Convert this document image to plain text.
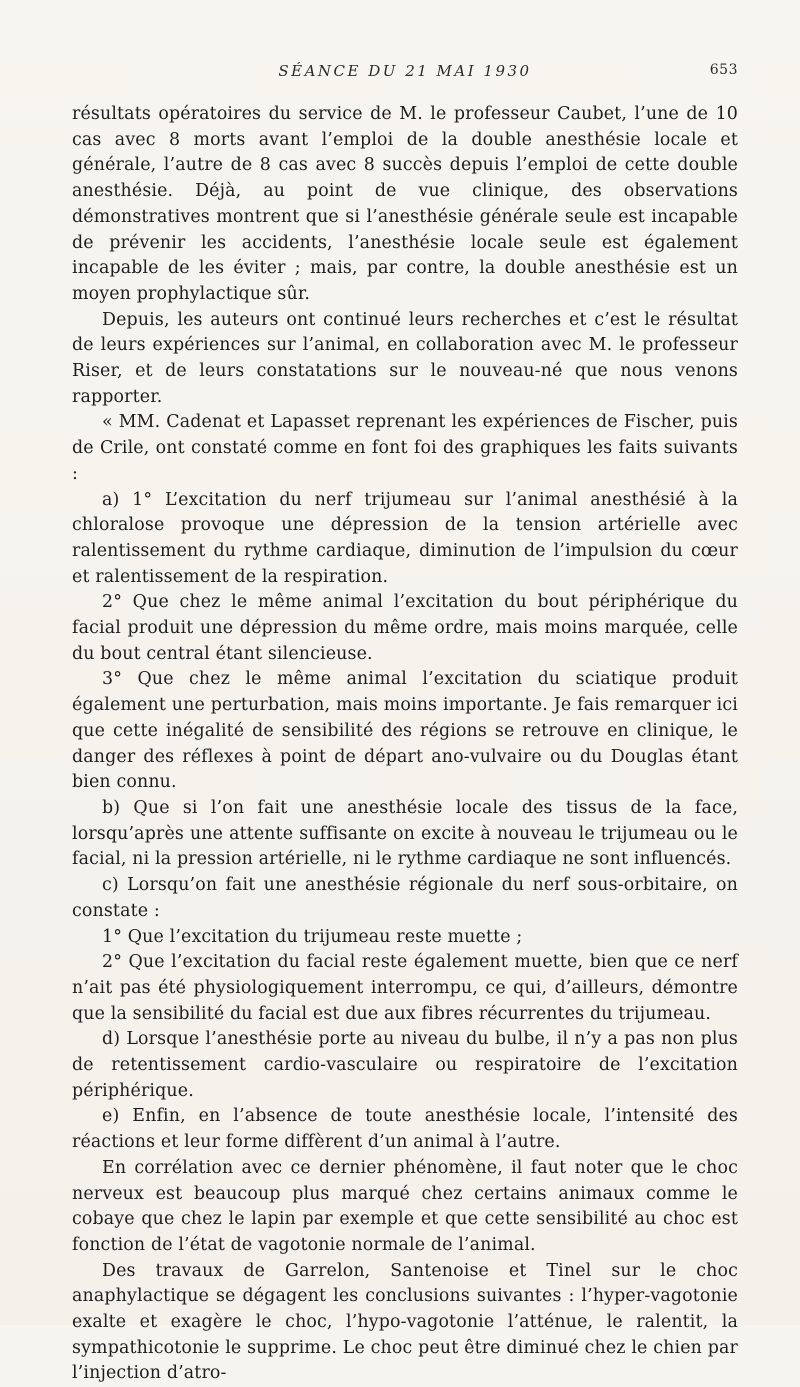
SÉANCE DU 21 MAI 1930	653

résultats opératoires du service de M. le professeur Caubet, l’une de 10 cas avec 8 morts avant l’emploi de la double anesthésie locale et générale, l’autre de 8 cas avec 8 succès depuis l’emploi de cette double anesthésie. Déjà, au point de vue clinique, des observations démonstratives montrent que si l’anesthésie générale seule est incapable de prévenir les accidents, l’anesthésie locale seule est également incapable de les éviter ; mais, par contre, la double anesthésie est un moyen prophylactique sûr.

Depuis, les auteurs ont continué leurs recherches et c’est le résultat de leurs expériences sur l’animal, en collaboration avec M. le professeur Riser, et de leurs constatations sur le nouveau-né que nous venons rapporter.

« MM. Cadenat et Lapasset reprenant les expériences de Fischer, puis de Crile, ont constaté comme en font foi des graphiques les faits suivants :

a) 1° L’excitation du nerf trijumeau sur l’animal anesthésié à la chloralose provoque une dépression de la tension artérielle avec ralentissement du rythme cardiaque, diminution de l’impulsion du cœur et ralentissement de la respiration.

2° Que chez le même animal l’excitation du bout périphérique du facial produit une dépression du même ordre, mais moins marquée, celle du bout central étant silencieuse.

3° Que chez le même animal l’excitation du sciatique produit également une perturbation, mais moins importante. Je fais remarquer ici que cette inégalité de sensibilité des régions se retrouve en clinique, le danger des réflexes à point de départ ano-vulvaire ou du Douglas étant bien connu.

b) Que si l’on fait une anesthésie locale des tissus de la face, lorsqu’après une attente suffisante on excite à nouveau le trijumeau ou le facial, ni la pression artérielle, ni le rythme cardiaque ne sont influencés.

c) Lorsqu’on fait une anesthésie régionale du nerf sous-orbitaire, on constate :

1° Que l’excitation du trijumeau reste muette ;

2° Que l’excitation du facial reste également muette, bien que ce nerf n’ait pas été physiologiquement interrompu, ce qui, d’ailleurs, démontre que la sensibilité du facial est due aux fibres récurrentes du trijumeau.

d) Lorsque l’anesthésie porte au niveau du bulbe, il n’y a pas non plus de retentissement cardio-vasculaire ou respiratoire de l’excitation périphérique.

e) Enfin, en l’absence de toute anesthésie locale, l’intensité des réactions et leur forme diffèrent d’un animal à l’autre.

En corrélation avec ce dernier phénomène, il faut noter que le choc nerveux est beaucoup plus marqué chez certains animaux comme le cobaye que chez le lapin par exemple et que cette sensibilité au choc est fonction de l’état de vagotonie normale de l’animal.

Des travaux de Garrelon, Santenoise et Tinel sur le choc anaphylactique se dégagent les conclusions suivantes : l’hyper-vagotonie exalte et exagère le choc, l’hypo-vagotonie l’atténue, le ralentit, la sympathicotonie le supprime. Le choc peut être diminué chez le chien par l’injection d’atro-
